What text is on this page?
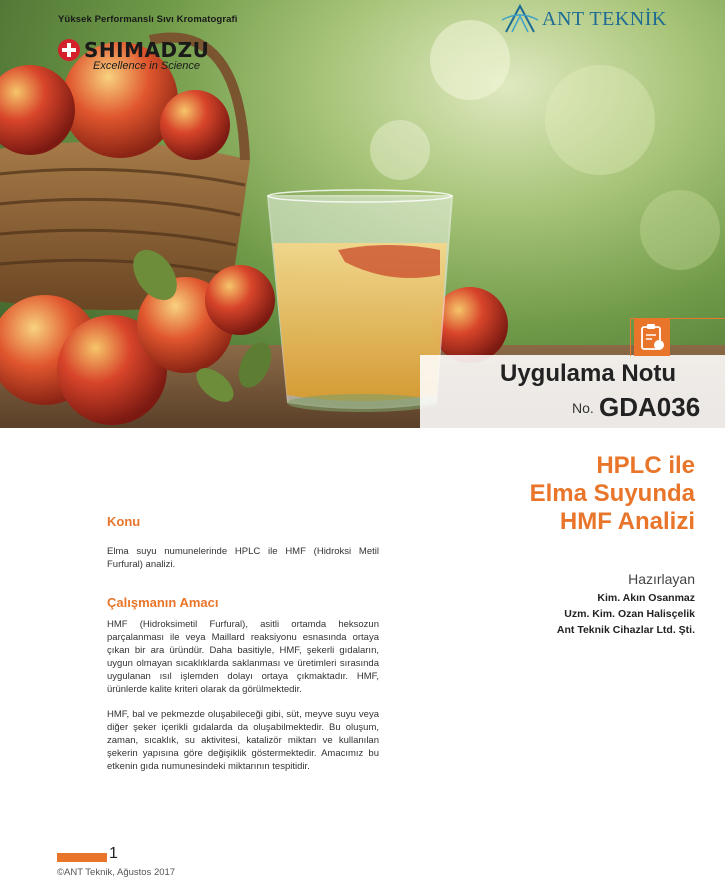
Yüksek Performanslı Sıvı Kromatografi
SHIMADZU
Excellence in Science
ANT TEKNİK
Uygulama Notu
No. GDA036
HPLC ile
Elma Suyunda
HMF Analizi
Konu
Elma suyu numunelerinde HPLC ile HMF (Hidroksi Metil Furfural) analizi.
Çalışmanın Amacı
HMF (Hidroksimetil Furfural), asitli ortamda heksozun parçalanması ile veya Maillard reaksiyonu esnasında ortaya çıkan bir ara üründür. Daha basitiyle, HMF, şekerli gıdaların, uygun olmayan sıcaklıklarda saklanması ve üretimleri sırasında uygulanan ısıl işlemden dolayı ortaya çıkmaktadır. HMF, ürünlerde kalite kriteri olarak da görülmektedir.
HMF, bal ve pekmezde oluşabileceği gibi, süt, meyve suyu veya diğer şeker içerikli gıdalarda da oluşabilmektedir. Bu oluşum, zaman, sıcaklık, su aktivitesi, katalizör miktarı ve kullanılan şekerin yapısına göre değişiklik göstermektedir. Amacımız bu etkenin gıda numunesindeki miktarının tespitidir.
Hazırlayan
Kim. Akın Osanmaz
Uzm. Kim. Ozan Halisçelik
Ant Teknik Cihazlar Ltd. Şti.
1
©ANT Teknik, Ağustos 2017
